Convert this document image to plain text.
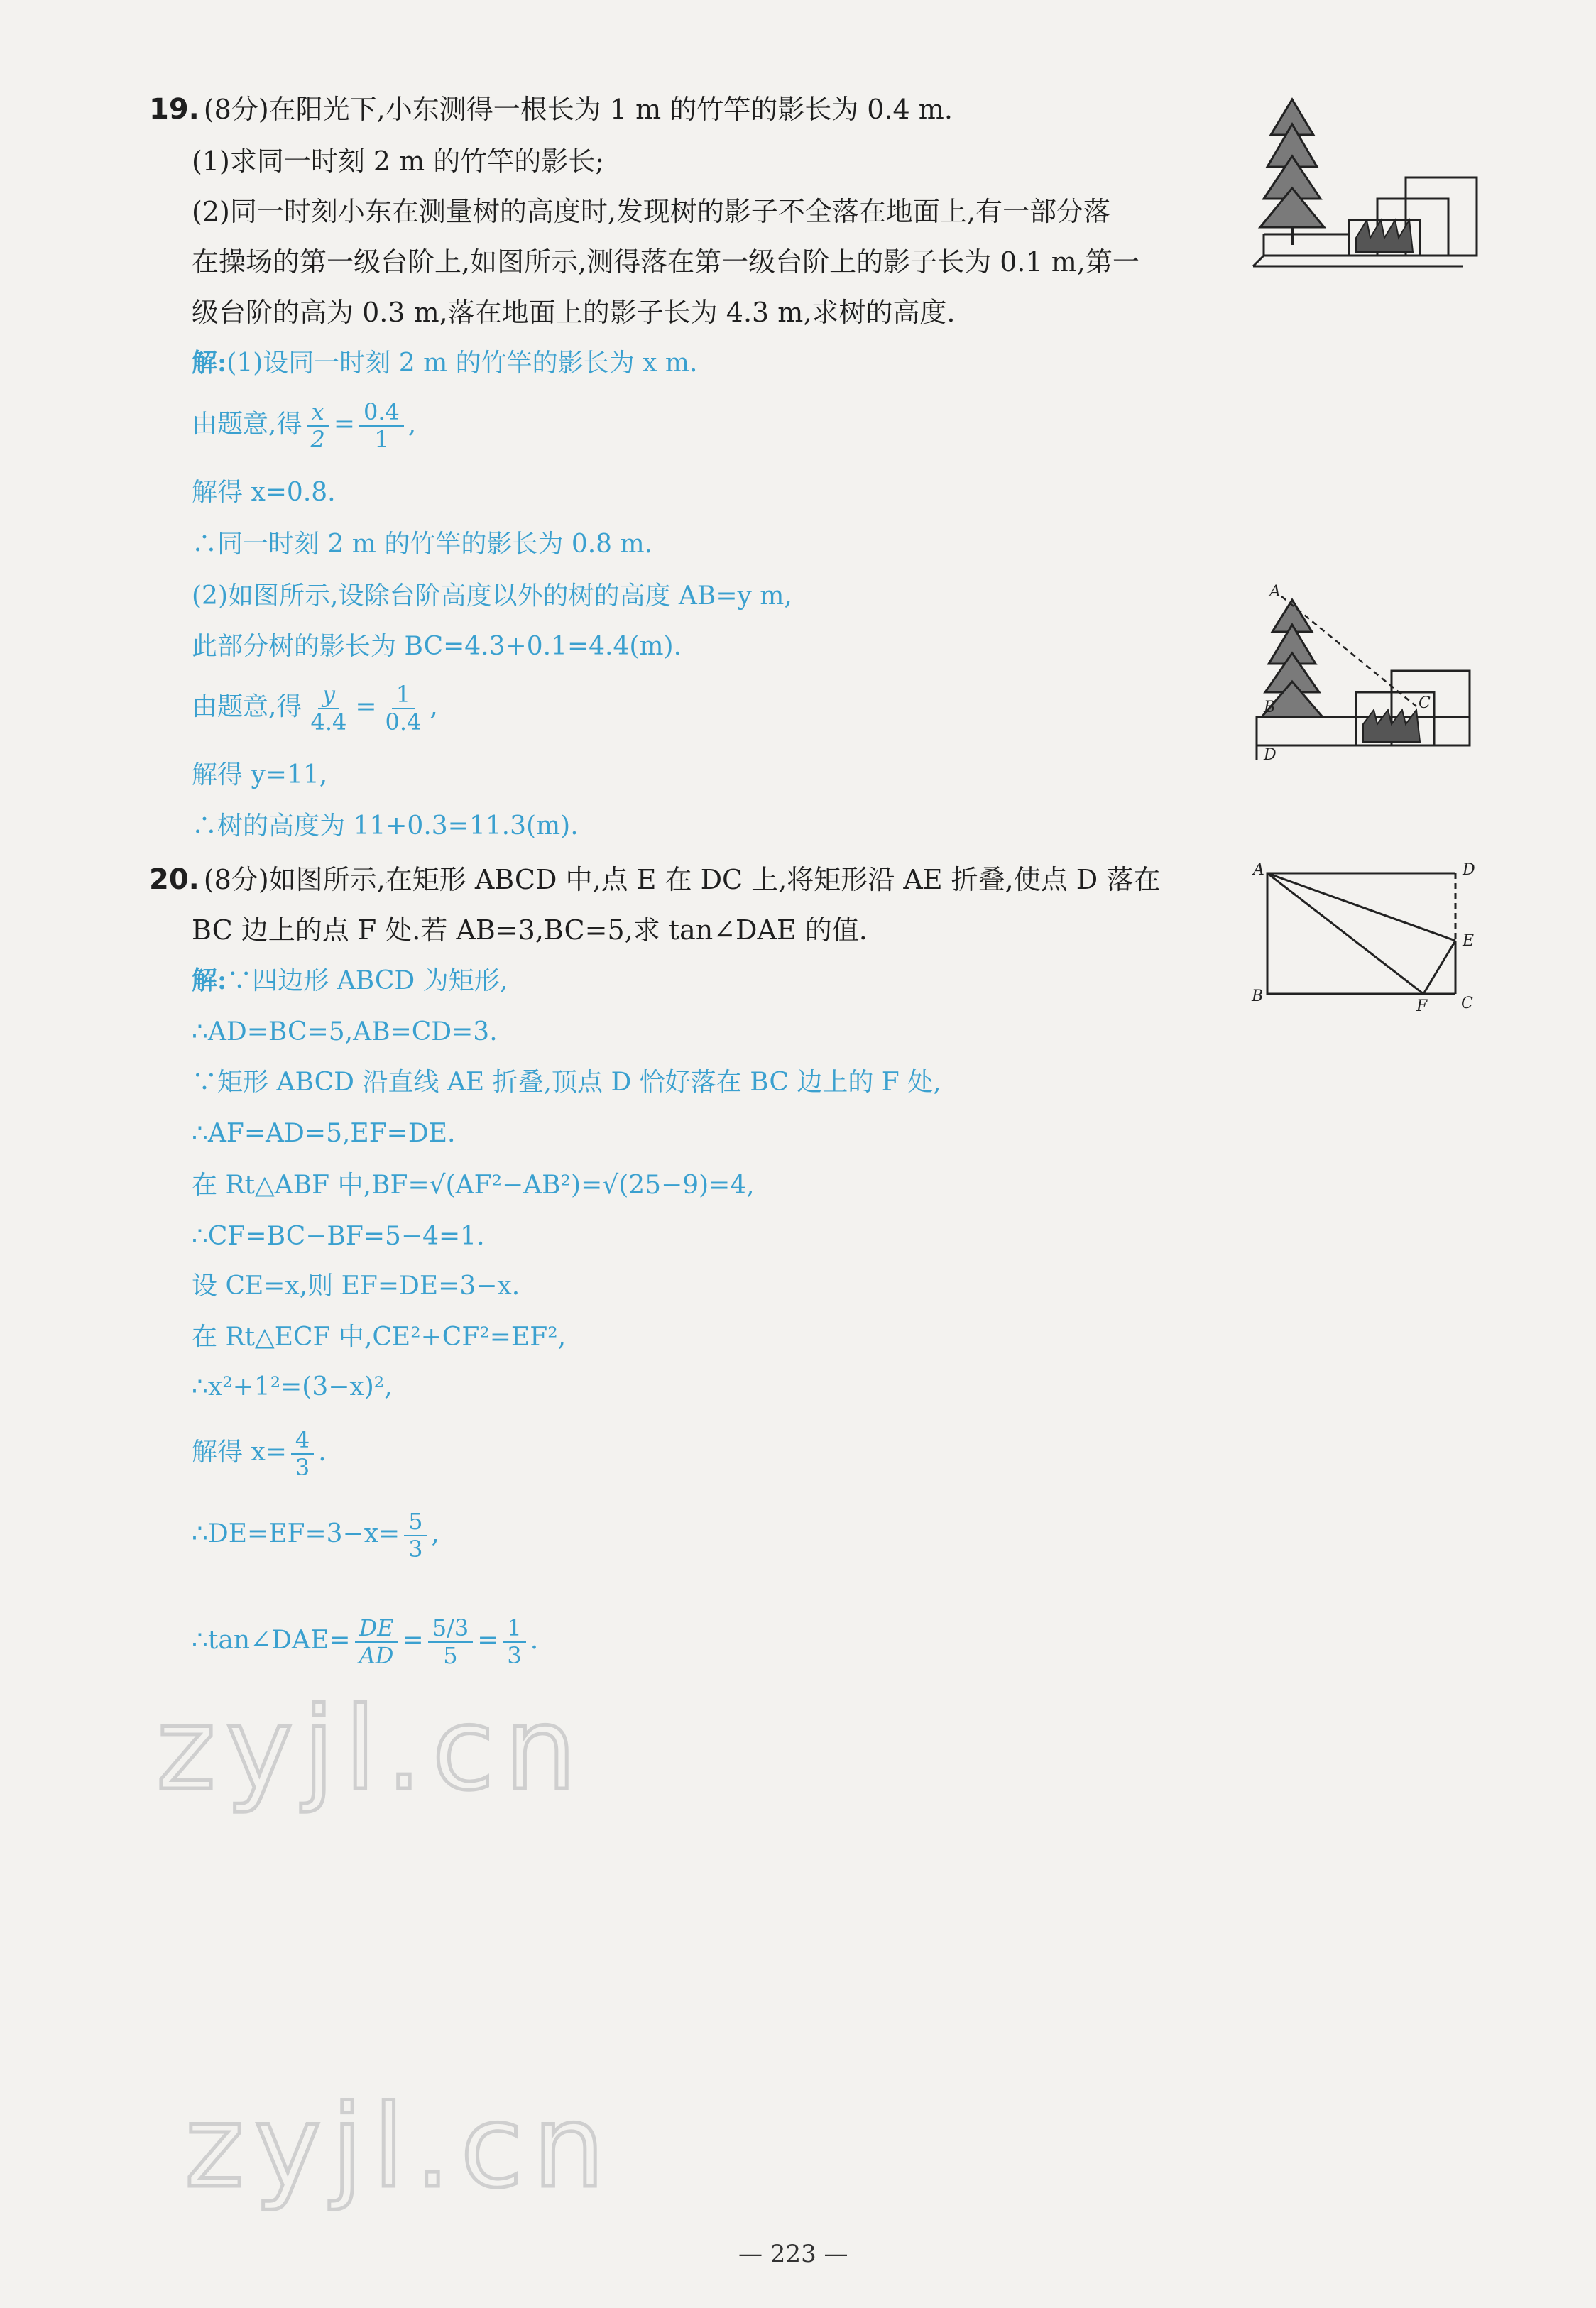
19. (8分)在阳光下,小东测得一根长为 1 m 的竹竿的影长为 0.4 m.
(1)求同一时刻 2 m 的竹竿的影长;
(2)同一时刻小东在测量树的高度时,发现树的影子不全落在地面上,有一部分落
在操场的第一级台阶上,如图所示,测得落在第一级台阶上的影子长为 0.1 m,第一
级台阶的高为 0.3 m,落在地面上的影子长为 4.3 m,求树的高度.
解:(1)设同一时刻 2 m 的竹竿的影长为 x m.
由题意,得 $\frac{x}{2} = \frac{0.4}{1}$ ,
解得 x=0.8.
∴同一时刻 2 m 的竹竿的影长为 0.8 m.
(2)如图所示,设除台阶高度以外的树的高度 AB=y m,
此部分树的影长为 BC=4.3+0.1=4.4(m).
由题意,得 $\frac{y}{4.4} = \frac{1}{0.4}$ ,
解得 y=11,
∴树的高度为 11+0.3=11.3(m).
A
B	C
D
20. (8分)如图所示,在矩形 ABCD 中,点 E 在 DC 上,将矩形沿 AE 折叠,使点 D 落在
BC 边上的点 F 处.若 AB=3,BC=5,求 tan∠DAE 的值.
解:∵四边形 ABCD 为矩形,
∴AD=BC=5,AB=CD=3.
∵矩形 ABCD 沿直线 AE 折叠,顶点 D 恰好落在 BC 边上的 F 处,
∴AF=AD=5,EF=DE.
在 Rt△ABF 中,BF=√(AF²−AB²)=√(25−9)=4,
∴CF=BC−BF=5−4=1.
设 CE=x,则 EF=DE=3−x.
在 Rt△ECF 中,CE²+CF²=EF²,
∴x²+1²=(3−x)²,
解得 $x= \frac{4}{3}$ .
∴DE=EF=3−x= $\frac{5}{3}$ ,
∴tan∠DAE= $\frac{DE}{AD} = \frac{5/3}{5} = \frac{1}{3}$ .
A	D
E
B
F C
zyjl.cn
zyjl.cn
— 223 —
